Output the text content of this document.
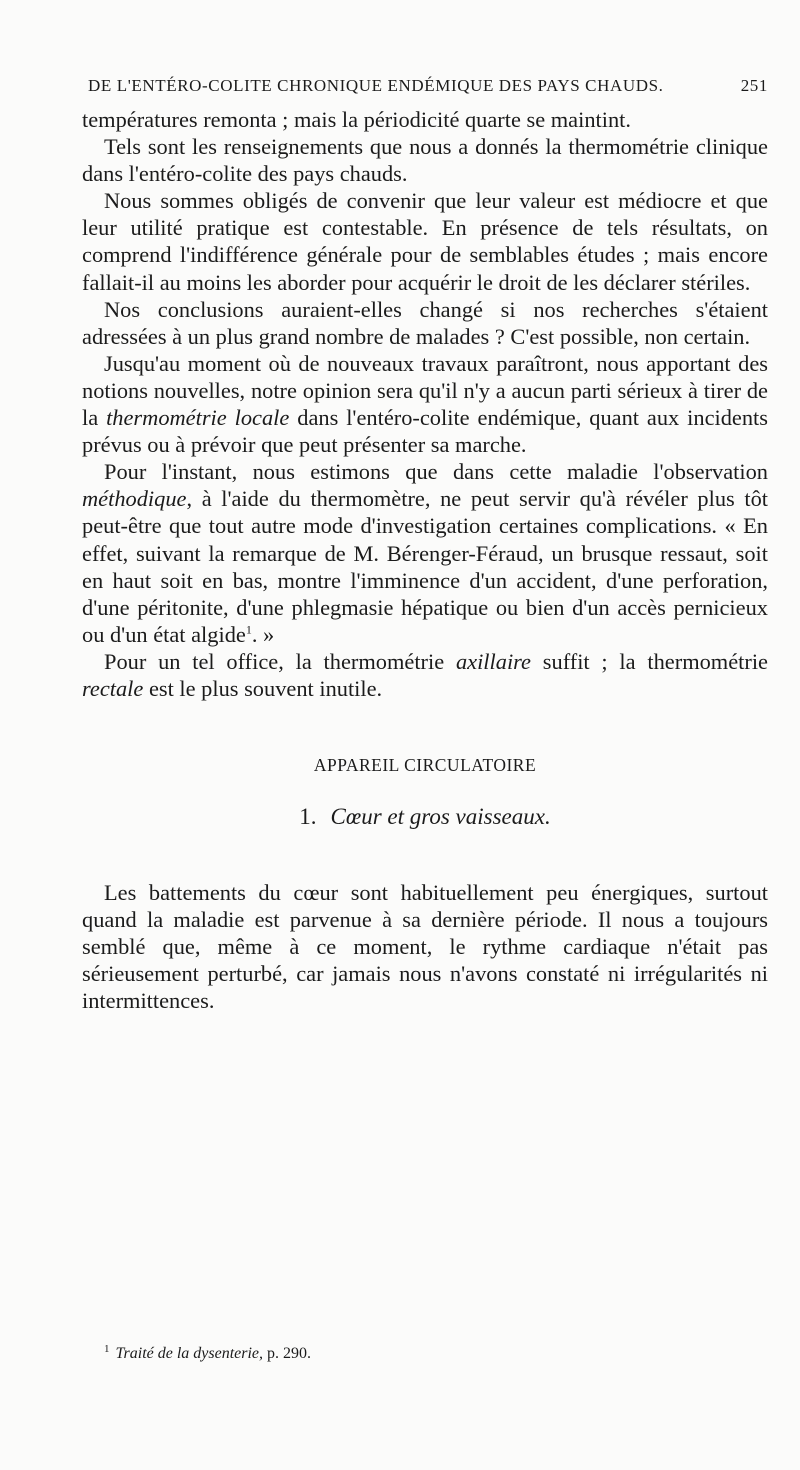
DE L'ENTÉRO-COLITE CHRONIQUE ENDÉMIQUE DES PAYS CHAUDS.	251

températures remonta ; mais la périodicité quarte se maintint.

Tels sont les renseignements que nous a donnés la thermométrie clinique dans l'entéro-colite des pays chauds.

Nous sommes obligés de convenir que leur valeur est médiocre et que leur utilité pratique est contestable. En présence de tels résultats, on comprend l'indifférence générale pour de semblables études ; mais encore fallait-il au moins les aborder pour acquérir le droit de les déclarer stériles.

Nos conclusions auraient-elles changé si nos recherches s'étaient adressées à un plus grand nombre de malades ? C'est possible, non certain.

Jusqu'au moment où de nouveaux travaux paraîtront, nous apportant des notions nouvelles, notre opinion sera qu'il n'y a aucun parti sérieux à tirer de la thermométrie locale dans l'entéro-colite endémique, quant aux incidents prévus ou à prévoir que peut présenter sa marche.

Pour l'instant, nous estimons que dans cette maladie l'observation méthodique, à l'aide du thermomètre, ne peut servir qu'à révéler plus tôt peut-être que tout autre mode d'investigation certaines complications. « En effet, suivant la remarque de M. Bérenger-Féraud, un brusque ressaut, soit en haut soit en bas, montre l'imminence d'un accident, d'une perforation, d'une péritonite, d'une phlegmasie hépatique ou bien d'un accès pernicieux ou d'un état algide$^1$. »

Pour un tel office, la thermométrie axillaire suffit ; la thermométrie rectale est le plus souvent inutile.

APPAREIL CIRCULATOIRE
1. Cœur et gros vaisseaux.

Les battements du cœur sont habituellement peu énergiques, surtout quand la maladie est parvenue à sa dernière période. Il nous a toujours semblé que, même à ce moment, le rythme cardiaque n'était pas sérieusement perturbé, car jamais nous n'avons constaté ni irrégularités ni intermittences.

$^1$ Traité de la dysenterie, p. 290.
